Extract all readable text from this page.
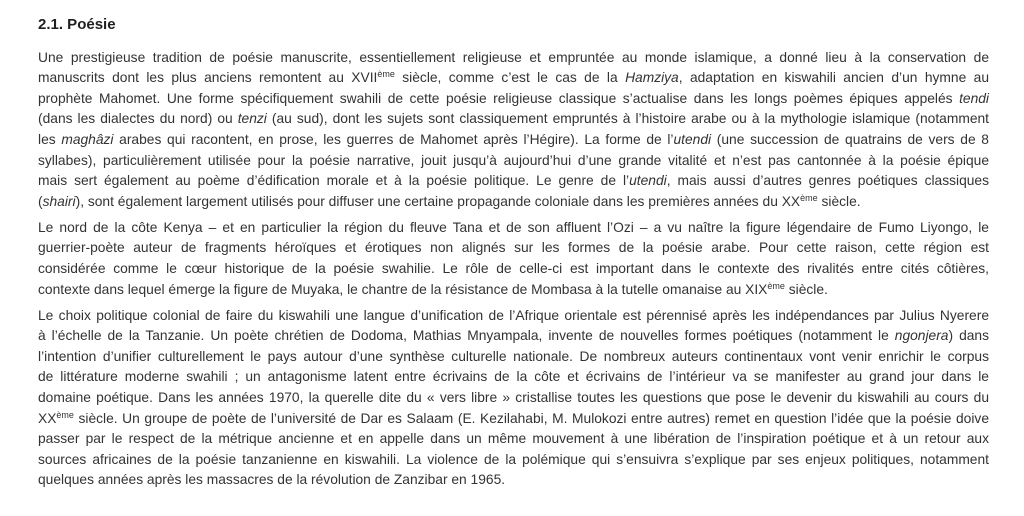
2.1. Poésie
Une prestigieuse tradition de poésie manuscrite, essentiellement religieuse et empruntée au monde islamique, a donné lieu à la conservation de
manuscrits dont les plus anciens remontent au XVIIème siècle, comme c’est le cas de la Hamziya, adaptation en kiswahili ancien d’un hymne au
prophète Mahomet. Une forme spécifiquement swahili de cette poésie religieuse classique s’actualise dans les longs poèmes épiques appelés tendi
(dans les dialectes du nord) ou tenzi (au sud), dont les sujets sont classiquement empruntés à l’histoire arabe ou à la mythologie islamique (notamment
les maghâzi arabes qui racontent, en prose, les guerres de Mahomet après l’Hégire). La forme de l’utendi (une succession de quatrains de vers de 8
syllabes), particulièrement utilisée pour la poésie narrative, jouit jusqu’à aujourd’hui d’une grande vitalité et n’est pas cantonnée à la poésie épique
mais sert également au poème d’édification morale et à la poésie politique. Le genre de l’utendi, mais aussi d’autres genres poétiques classiques
(shairi), sont également largement utilisés pour diffuser une certaine propagande coloniale dans les premières années du XXème siècle.
Le nord de la côte Kenya – et en particulier la région du fleuve Tana et de son affluent l’Ozi – a vu naître la figure légendaire de Fumo Liyongo, le
guerrier-poète auteur de fragments héroïques et érotiques non alignés sur les formes de la poésie arabe. Pour cette raison, cette région est
considérée comme le cœur historique de la poésie swahilie. Le rôle de celle-ci est important dans le contexte des rivalités entre cités côtières,
contexte dans lequel émerge la figure de Muyaka, le chantre de la résistance de Mombasa à la tutelle omanaise au XIXème siècle.
Le choix politique colonial de faire du kiswahili une langue d’unification de l’Afrique orientale est pérennisé après les indépendances par Julius Nyerere
à l’échelle de la Tanzanie. Un poète chrétien de Dodoma, Mathias Mnyampala, invente de nouvelles formes poétiques (notamment le ngonjera) dans
l’intention d’unifier culturellement le pays autour d’une synthèse culturelle nationale. De nombreux auteurs continentaux vont venir enrichir le corpus
de littérature moderne swahili ; un antagonisme latent entre écrivains de la côte et écrivains de l’intérieur va se manifester au grand jour dans le
domaine poétique. Dans les années 1970, la querelle dite du « vers libre » cristallise toutes les questions que pose le devenir du kiswahili au cours du
XXème siècle. Un groupe de poète de l’université de Dar es Salaam (E. Kezilahabi, M. Mulokozi entre autres) remet en question l’idée que la poésie doive
passer par le respect de la métrique ancienne et en appelle dans un même mouvement à une libération de l’inspiration poétique et à un retour aux
sources africaines de la poésie tanzanienne en kiswahili. La violence de la polémique qui s’ensuivra s’explique par ses enjeux politiques, notamment
quelques années après les massacres de la révolution de Zanzibar en 1965.
